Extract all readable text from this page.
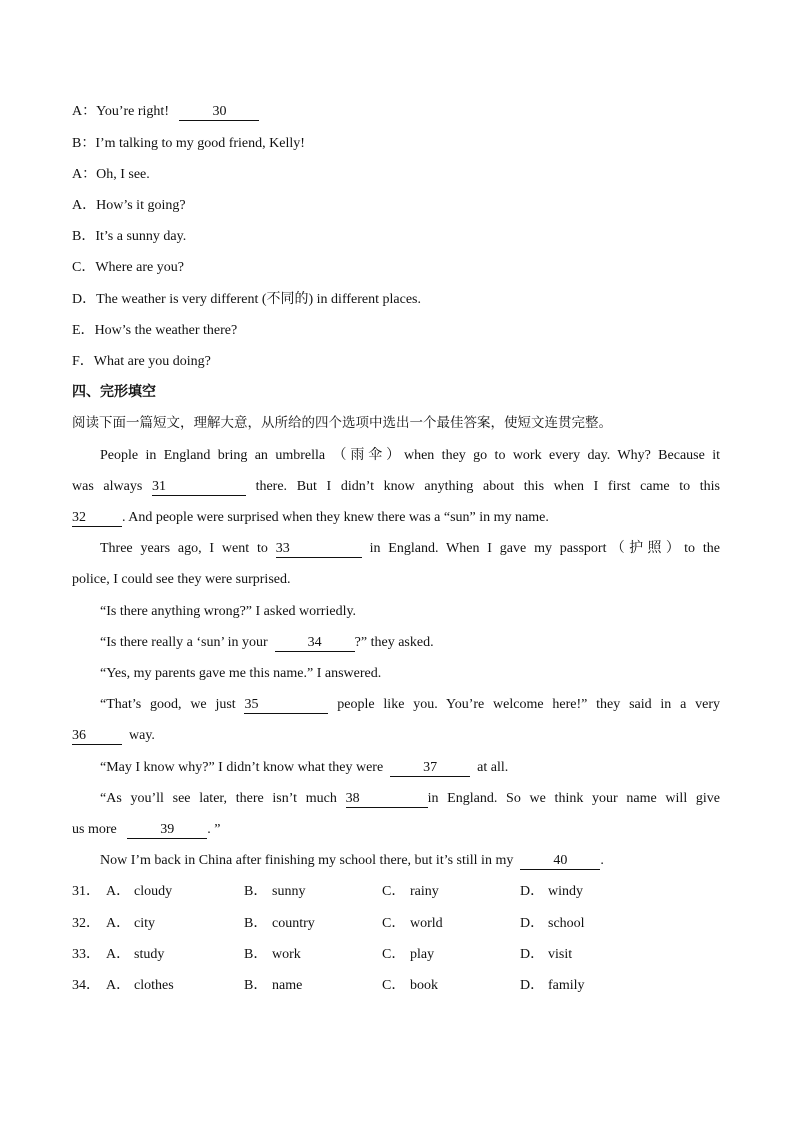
A：You’re right!	30
B：I’m talking to my good friend, Kelly!
A：Oh, I see.
A．How’s it going?
B．It’s a sunny day.
C．Where are you?
D．The weather is very different (不同的) in different places.
E．How’s the weather there?
F．What are you doing?
四、完形填空
阅读下面一篇短文，理解大意，从所给的四个选项中选出一个最佳答案，使短文连贯完整。
People in England bring an umbrella （雨伞）when they go to work every day. Why? Because it
was always 31	there. But I didn’t know anything about this when I first came to this
32	. And people were surprised when they knew there was a “sun” in my name.
Three years ago, I went to 33	in England. When I gave my passport（护照）to the
police, I could see they were surprised.
“Is there anything wrong?” I asked worriedly.
“Is there really a ‘sun’ in your	34 ?” they asked.
“Yes, my parents gave me this name.” I answered.
“That’s good, we just 35	people like you. You’re welcome here!” they said in a very
36	way.
“May I know why?” I didn’t know what they were	37	at all.
“As you’ll see later, there isn’t much 38	in England. So we think your name will give
us more	39 . ”
Now I’m back in China after finishing my school there, but it’s still in my	40 .
31． A． cloudy	B． sunny	C． rainy	D． windy
32． A． city	B． country	C． world	D． school
33． A． study	B． work	C． play	D． visit
34． A． clothes	B． name	C． book	D． family
